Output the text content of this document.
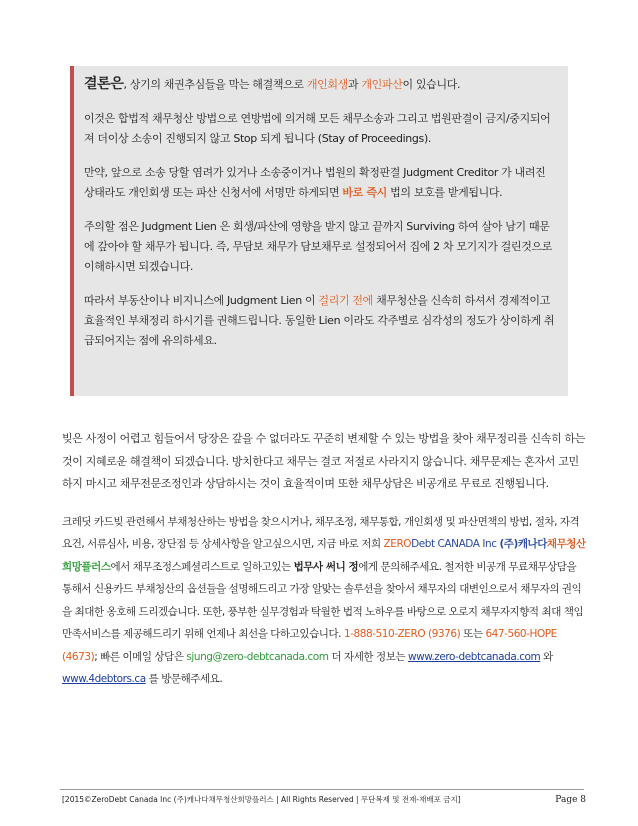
결론은, 상기의 채권추심들을 막는 해결책으로 개인회생과 개인파산이 있습니다.

이것은 합법적 채무청산 방법으로 연방법에 의거해 모든 채무소송과 그리고 법원판결이 금지/중지되어져 더이상 소송이 진행되지 않고 Stop 되게 됩니다 (Stay of Proceedings).

만약, 앞으로 소송 당할 염려가 있거나 소송중이거나 법원의 확정판결 Judgment Creditor 가 내려진 상태라도 개인회생 또는 파산 신청서에 서명만 하게되면 바로 즉시 법의 보호를 받게됩니다.

주의할 점은 Judgment Lien 은 회생/파산에 영향을 받지 않고 끝까지 Surviving 하여 살아 남기 때문에 갚아야 할 채무가 됩니다. 즉, 무담보 채무가 담보채무로 설정되어서 집에 2 차 모기지가 걸린것으로 이해하시면 되겠습니다.

따라서 부동산이나 비지니스에 Judgment Lien 이 걸리기 전에 채무청산을 신속히 하셔서 경제적이고 효율적인 부채정리 하시기를 권해드립니다. 동일한 Lien 이라도 각주별로 심각성의 정도가 상이하게 취급되어지는 점에 유의하세요.

빚은 사정이 어렵고 힘들어서 당장은 갚을 수 없더라도 꾸준히 변제할 수 있는 방법을 찾아 채무정리를 신속히 하는 것이 지혜로운 해결책이 되겠습니다. 방치한다고 채무는 결코 저절로 사라지지 않습니다. 채무문제는 혼자서 고민하지 마시고 채무전문조정인과 상담하시는 것이 효율적이며 또한 채무상담은 비공개로 무료로 진행됩니다.

크레딧 카드빚 관련해서 부채청산하는 방법을 찾으시거나, 채무조정, 채무통합, 개인회생 및 파산면책의 방법, 절차, 자격요건, 서류심사, 비용, 장단점 등 상세사항을 알고싶으시면, 지금 바로 저희 ZERODebt CANADA Inc (주)캐나다채무청산희망플러스에서 채무조정스페셜리스트로 일하고있는 법무사 써니 정에게 문의해주세요. 철저한 비공개 무료채무상담을 통해서 신용카드 부채청산의 옵션들을 설명해드리고 가장 알맞는 솔루션을 찾아서 채무자의 대변인으로서 채무자의 권익을 최대한 옹호해 드리겠습니다. 또한, 풍부한 실무경험과 탁월한 법적 노하우를 바탕으로 오로지 채무자지향적 최대 책임 만족서비스를 제공해드리기 위해 언제나 최선을 다하고있습니다. 1-888-510-ZERO (9376) 또는 647-560-HOPE (4673); 빠른 이메일 상담은 sjung@zero-debtcanada.com 더 자세한 정보는 www.zero-debtcanada.com 와 www.4debtors.ca 를 방문해주세요.

[2015©ZeroDebt Canada Inc (주)캐나다채무청산희망플러스 | All Rights Reserved | 무단복제 및 전재-재배포 금지]	Page 8
